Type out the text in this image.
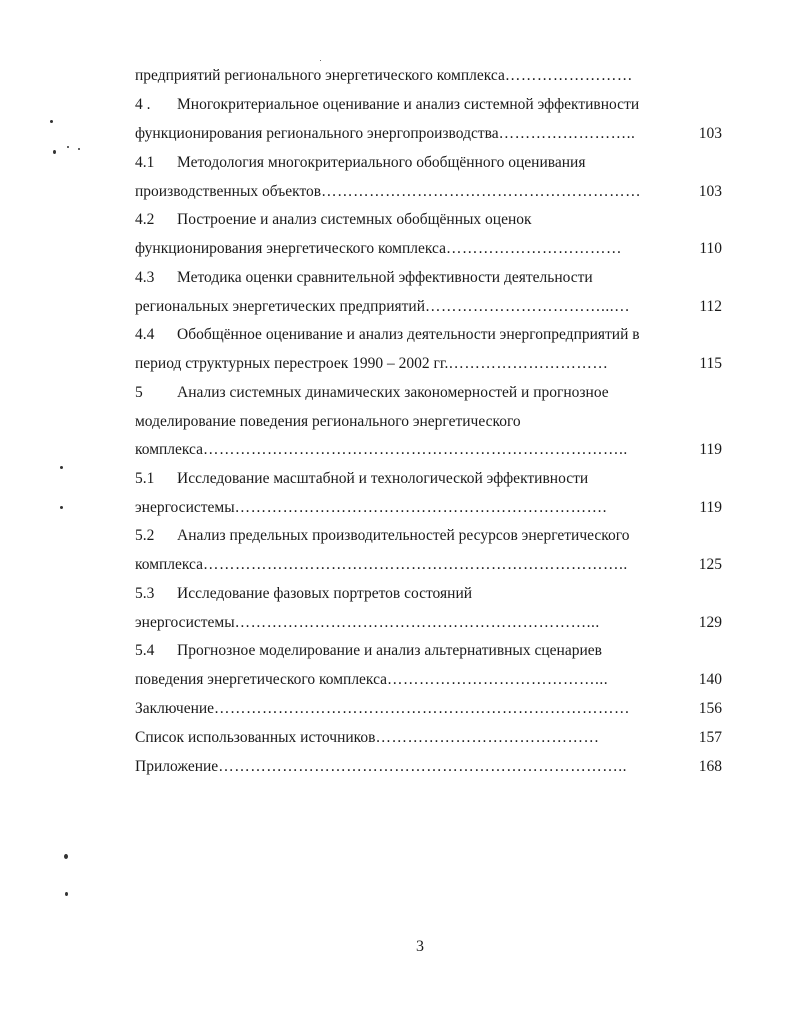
предприятий регионального энергетического комплекса……………………
4 . Многокритериальное оценивание и анализ системной эффективности
функционирования регионального энергопроизводства……………………..	103
4.1 Методология многокритериального обобщённого оценивания
производственных объектов……………………………………………………	103
4.2 Построение и анализ системных обобщённых оценок
функционирования энергетического комплекса……………………………	110
4.3 Методика оценки сравнительной эффективности деятельности
региональных энергетических предприятий……………………………...…	112
4.4 Обобщённое оценивание и анализ деятельности энергопредприятий в
период структурных перестроек 1990 – 2002 гг.…………………………	115
5 Анализ системных динамических закономерностей и прогнозное
моделирование поведения регионального энергетического
комплекса……………………………………………………………………..	119
5.1 Исследование масштабной и технологической эффективности
энергосистемы…………………………………………………………….	119
5.2 Анализ предельных производительностей ресурсов энергетического
комплекса……………………………………………………………………..	125
5.3 Исследование фазовых портретов состояний
энергосистемы…………………………………………………………...	129
5.4 Прогнозное моделирование и анализ альтернативных сценариев
поведения энергетического комплекса…………………………………...	140
Заключение……………………………………………………………………	156
Список использованных источников……………………………………	157
Приложение…………………………………………………………………..	168
3
